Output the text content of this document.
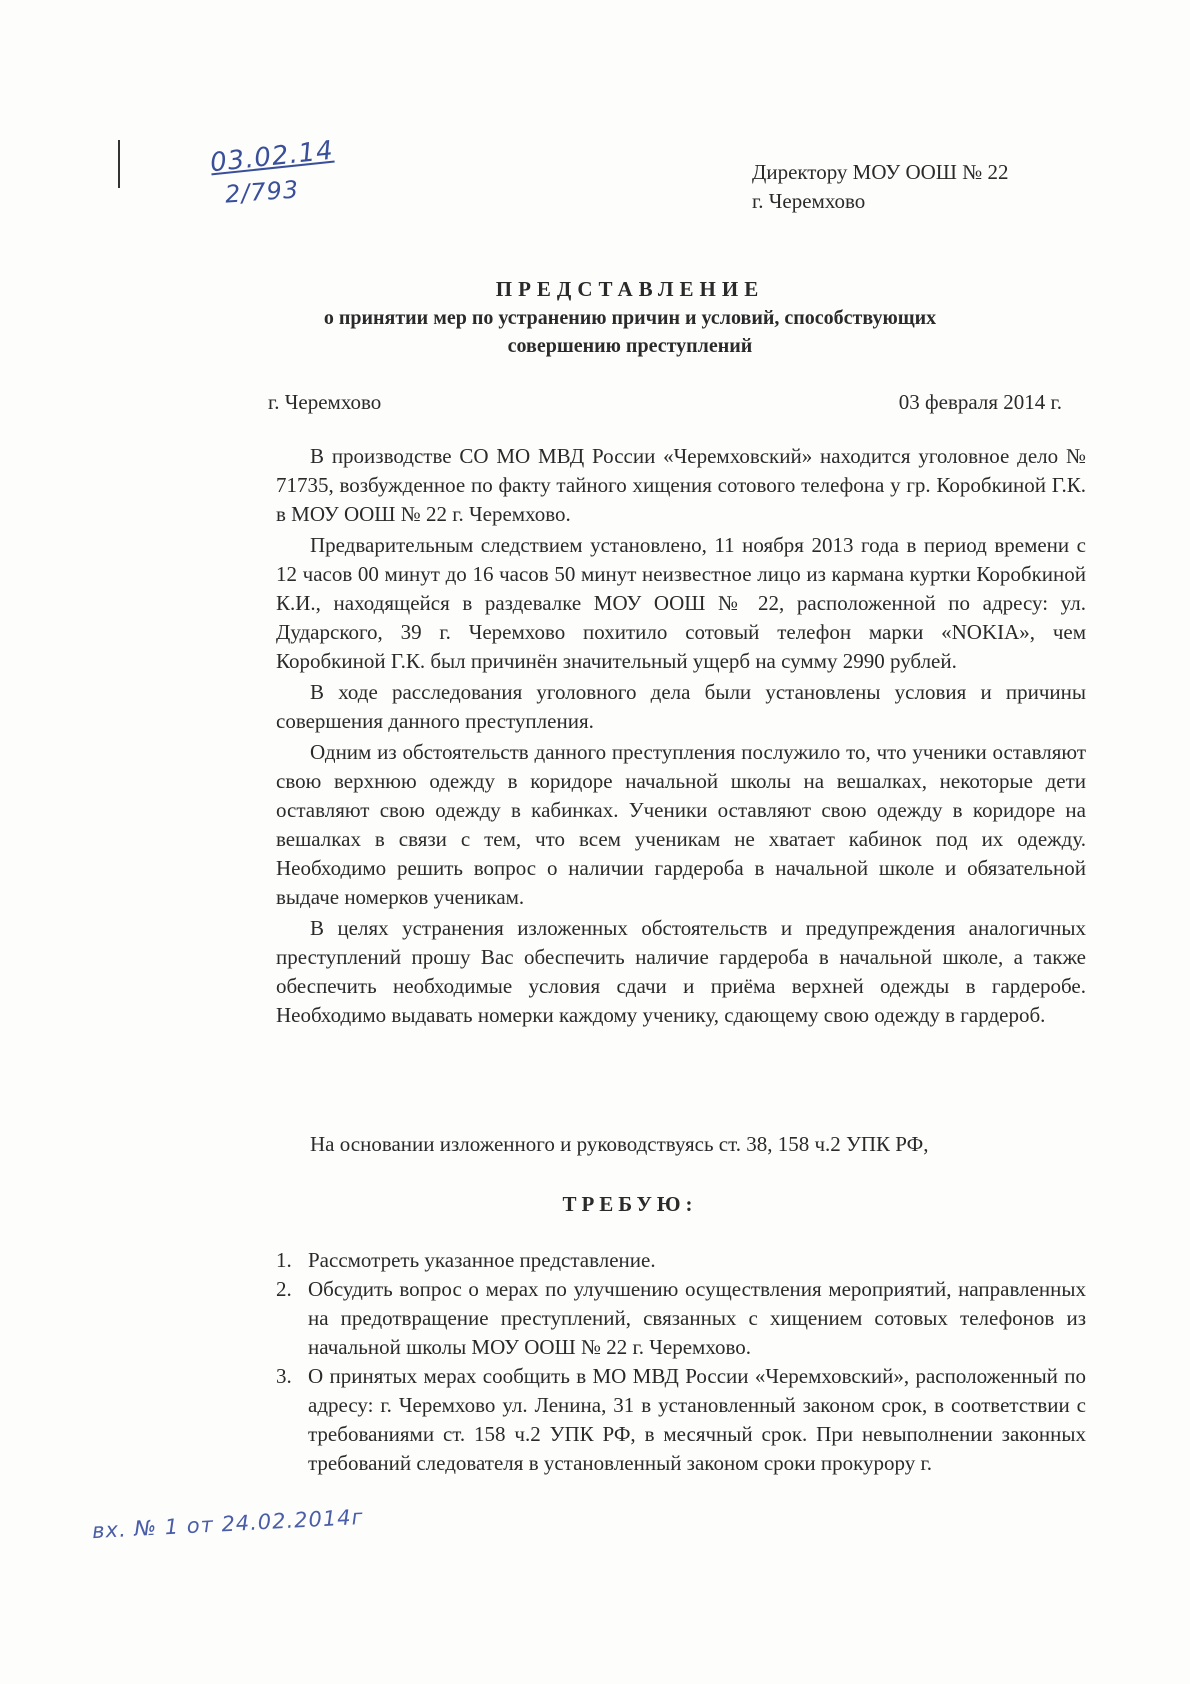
03.02.14
2/793
Директору МОУ ООШ № 22
г. Черемхово
ПРЕДСТАВЛЕНИЕ
о принятии мер по устранению причин и условий, способствующих
совершению преступлений
г. Черемхово	03 февраля 2014 г.

В производстве СО МО МВД России «Черемховский» находится уголовное дело № 71735, возбужденное по факту тайного хищения сотового телефона у гр. Коробкиной Г.К. в МОУ ООШ № 22 г. Черемхово.

Предварительным следствием установлено, 11 ноября 2013 года в период времени с 12 часов 00 минут до 16 часов 50 минут неизвестное лицо из кармана куртки Коробкиной К.И., находящейся в раздевалке МОУ ООШ № 22, расположенной по адресу: ул. Дударского, 39 г. Черемхово похитило сотовый телефон марки «NOKIA», чем Коробкиной Г.К. был причинён значительный ущерб на сумму 2990 рублей.

В ходе расследования уголовного дела были установлены условия и причины совершения данного преступления.

Одним из обстоятельств данного преступления послужило то, что ученики оставляют свою верхнюю одежду в коридоре начальной школы на вешалках, некоторые дети оставляют свою одежду в кабинках. Ученики оставляют свою одежду в коридоре на вешалках в связи с тем, что всем ученикам не хватает кабинок под их одежду. Необходимо решить вопрос о наличии гардероба в начальной школе и обязательной выдаче номерков ученикам.

В целях устранения изложенных обстоятельств и предупреждения аналогичных преступлений прошу Вас обеспечить наличие гардероба в начальной школе, а также обеспечить необходимые условия сдачи и приёма верхней одежды в гардеробе. Необходимо выдавать номерки каждому ученику, сдающему свою одежду в гардероб.

На основании изложенного и руководствуясь ст. 38, 158 ч.2 УПК РФ,
ТРЕБУЮ:
1. Рассмотреть указанное представление.
2. Обсудить вопрос о мерах по улучшению осуществления мероприятий, направленных на предотвращение преступлений, связанных с хищением сотовых телефонов из начальной школы МОУ ООШ № 22 г. Черемхово.
3. О принятых мерах сообщить в МО МВД России «Черемховский», расположенный по адресу: г. Черемхово ул. Ленина, 31 в установленный законом срок, в соответствии с требованиями ст. 158 ч.2 УПК РФ, в месячный срок. При невыполнении законных требований следователя в установленный законом сроки прокурору г.
вх. № 1 от 24.02.2014г
